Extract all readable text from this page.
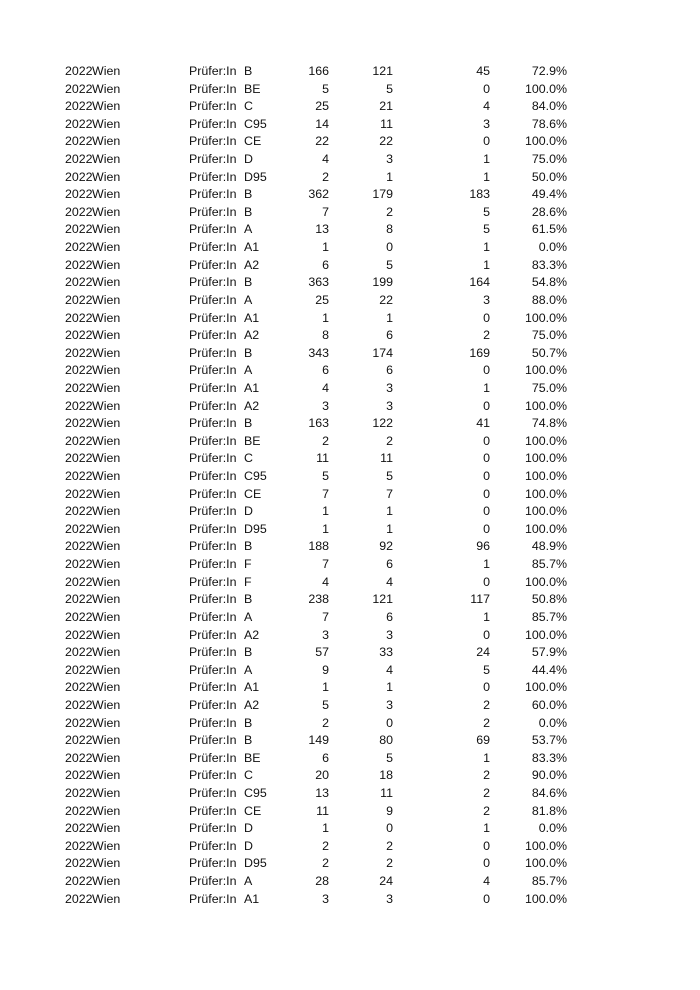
2022 Wien	Prüfer:In B	166	121	45	72.9%
2022 Wien	Prüfer:In BE	5	5	0	100.0%
2022 Wien	Prüfer:In C	25	21	4	84.0%
2022 Wien	Prüfer:In C95	14	11	3	78.6%
2022 Wien	Prüfer:In CE	22	22	0	100.0%
2022 Wien	Prüfer:In D	4	3	1	75.0%
2022 Wien	Prüfer:In D95	2	1	1	50.0%
2022 Wien	Prüfer:In B	362	179	183	49.4%
2022 Wien	Prüfer:In B	7	2	5	28.6%
2022 Wien	Prüfer:In A	13	8	5	61.5%
2022 Wien	Prüfer:In A1	1	0	1	0.0%
2022 Wien	Prüfer:In A2	6	5	1	83.3%
2022 Wien	Prüfer:In B	363	199	164	54.8%
2022 Wien	Prüfer:In A	25	22	3	88.0%
2022 Wien	Prüfer:In A1	1	1	0	100.0%
2022 Wien	Prüfer:In A2	8	6	2	75.0%
2022 Wien	Prüfer:In B	343	174	169	50.7%
2022 Wien	Prüfer:In A	6	6	0	100.0%
2022 Wien	Prüfer:In A1	4	3	1	75.0%
2022 Wien	Prüfer:In A2	3	3	0	100.0%
2022 Wien	Prüfer:In B	163	122	41	74.8%
2022 Wien	Prüfer:In BE	2	2	0	100.0%
2022 Wien	Prüfer:In C	11	11	0	100.0%
2022 Wien	Prüfer:In C95	5	5	0	100.0%
2022 Wien	Prüfer:In CE	7	7	0	100.0%
2022 Wien	Prüfer:In D	1	1	0	100.0%
2022 Wien	Prüfer:In D95	1	1	0	100.0%
2022 Wien	Prüfer:In B	188	92	96	48.9%
2022 Wien	Prüfer:In F	7	6	1	85.7%
2022 Wien	Prüfer:In F	4	4	0	100.0%
2022 Wien	Prüfer:In B	238	121	117	50.8%
2022 Wien	Prüfer:In A	7	6	1	85.7%
2022 Wien	Prüfer:In A2	3	3	0	100.0%
2022 Wien	Prüfer:In B	57	33	24	57.9%
2022 Wien	Prüfer:In A	9	4	5	44.4%
2022 Wien	Prüfer:In A1	1	1	0	100.0%
2022 Wien	Prüfer:In A2	5	3	2	60.0%
2022 Wien	Prüfer:In B	2	0	2	0.0%
2022 Wien	Prüfer:In B	149	80	69	53.7%
2022 Wien	Prüfer:In BE	6	5	1	83.3%
2022 Wien	Prüfer:In C	20	18	2	90.0%
2022 Wien	Prüfer:In C95	13	11	2	84.6%
2022 Wien	Prüfer:In CE	11	9	2	81.8%
2022 Wien	Prüfer:In D	1	0	1	0.0%
2022 Wien	Prüfer:In D	2	2	0	100.0%
2022 Wien	Prüfer:In D95	2	2	0	100.0%
2022 Wien	Prüfer:In A	28	24	4	85.7%
2022 Wien	Prüfer:In A1	3	3	0	100.0%
